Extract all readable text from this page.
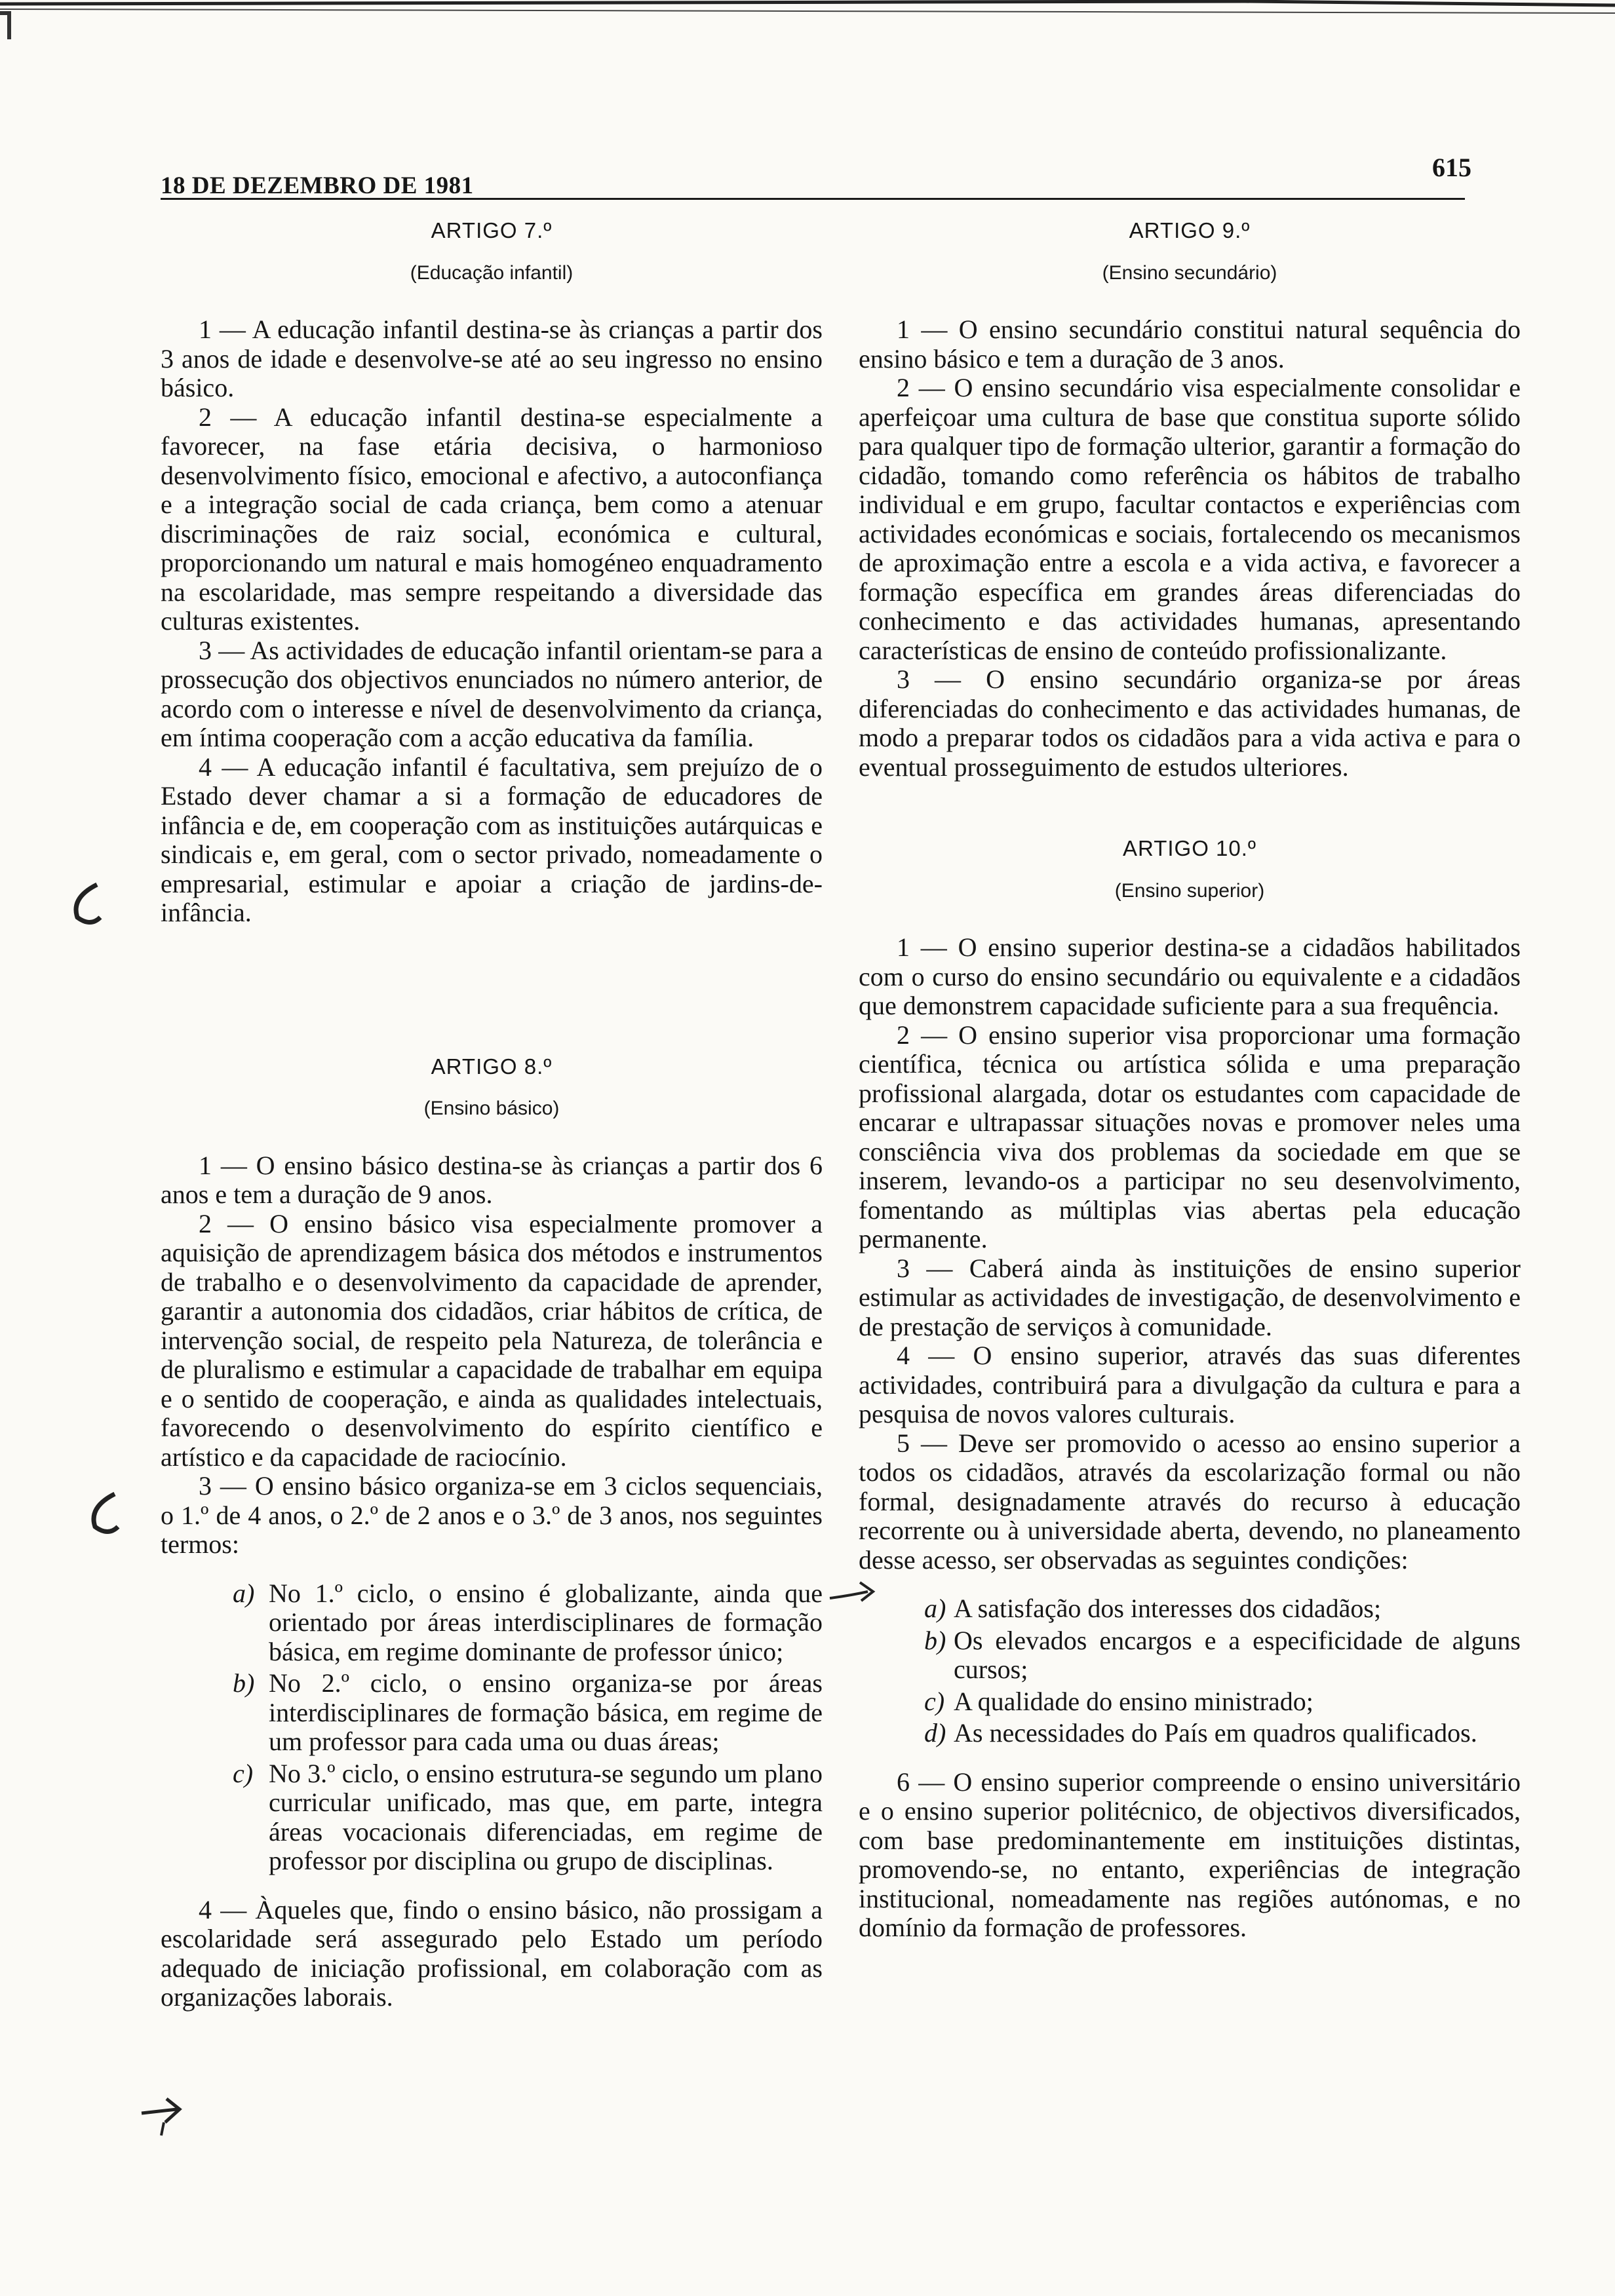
18 DE DEZEMBRO DE 1981
615
ARTIGO 7.º
(Educação infantil)

1 — A educação infantil destina-se às crianças a partir dos 3 anos de idade e desenvolve-se até ao seu ingresso no ensino básico.

2 — A educação infantil destina-se especialmente a favorecer, na fase etária decisiva, o harmonioso desenvolvimento físico, emocional e afectivo, a autoconfiança e a integração social de cada criança, bem como a atenuar discriminações de raiz social, económica e cultural, proporcionando um natural e mais homogéneo enquadramento na escolaridade, mas sempre respeitando a diversidade das culturas existentes.

3 — As actividades de educação infantil orientam-se para a prossecução dos objectivos enunciados no número anterior, de acordo com o interesse e nível de desenvolvimento da criança, em íntima cooperação com a acção educativa da família.

4 — A educação infantil é facultativa, sem prejuízo de o Estado dever chamar a si a formação de educadores de infância e de, em cooperação com as instituições autárquicas e sindicais e, em geral, com o sector privado, nomeadamente o empresarial, estimular e apoiar a criação de jardins-de-infância.

ARTIGO 8.º
(Ensino básico)

1 — O ensino básico destina-se às crianças a partir dos 6 anos e tem a duração de 9 anos.

2 — O ensino básico visa especialmente promover a aquisição de aprendizagem básica dos métodos e instrumentos de trabalho e o desenvolvimento da capacidade de aprender, garantir a autonomia dos cidadãos, criar hábitos de crítica, de intervenção social, de respeito pela Natureza, de tolerância e de pluralismo e estimular a capacidade de trabalhar em equipa e o sentido de cooperação, e ainda as qualidades intelectuais, favorecendo o desenvolvimento do espírito científico e artístico e da capacidade de raciocínio.

3 — O ensino básico organiza-se em 3 ciclos sequenciais, o 1.º de 4 anos, o 2.º de 2 anos e o 3.º de 3 anos, nos seguintes termos:

a) No 1.º ciclo, o ensino é globalizante, ainda que orientado por áreas interdisciplinares de formação básica, em regime dominante de professor único;
b) No 2.º ciclo, o ensino organiza-se por áreas interdisciplinares de formação básica, em regime de um professor para cada uma ou duas áreas;
c) No 3.º ciclo, o ensino estrutura-se segundo um plano curricular unificado, mas que, em parte, integra áreas vocacionais diferenciadas, em regime de professor por disciplina ou grupo de disciplinas.

4 — Àqueles que, findo o ensino básico, não prossigam a escolaridade será assegurado pelo Estado um período adequado de iniciação profissional, em colaboração com as organizações laborais.

ARTIGO 9.º
(Ensino secundário)

1 — O ensino secundário constitui natural sequência do ensino básico e tem a duração de 3 anos.

2 — O ensino secundário visa especialmente consolidar e aperfeiçoar uma cultura de base que constitua suporte sólido para qualquer tipo de formação ulterior, garantir a formação do cidadão, tomando como referência os hábitos de trabalho individual e em grupo, facultar contactos e experiências com actividades económicas e sociais, fortalecendo os mecanismos de aproximação entre a escola e a vida activa, e favorecer a formação específica em grandes áreas diferenciadas do conhecimento e das actividades humanas, apresentando características de ensino de conteúdo profissionalizante.

3 — O ensino secundário organiza-se por áreas diferenciadas do conhecimento e das actividades humanas, de modo a preparar todos os cidadãos para a vida activa e para o eventual prosseguimento de estudos ulteriores.

ARTIGO 10.º
(Ensino superior)

1 — O ensino superior destina-se a cidadãos habilitados com o curso do ensino secundário ou equivalente e a cidadãos que demonstrem capacidade suficiente para a sua frequência.

2 — O ensino superior visa proporcionar uma formação científica, técnica ou artística sólida e uma preparação profissional alargada, dotar os estudantes com capacidade de encarar e ultrapassar situações novas e promover neles uma consciência viva dos problemas da sociedade em que se inserem, levando-os a participar no seu desenvolvimento, fomentando as múltiplas vias abertas pela educação permanente.

3 — Caberá ainda às instituições de ensino superior estimular as actividades de investigação, de desenvolvimento e de prestação de serviços à comunidade.

4 — O ensino superior, através das suas diferentes actividades, contribuirá para a divulgação da cultura e para a pesquisa de novos valores culturais.

5 — Deve ser promovido o acesso ao ensino superior a todos os cidadãos, através da escolarização formal ou não formal, designadamente através do recurso à educação recorrente ou à universidade aberta, devendo, no planeamento desse acesso, ser observadas as seguintes condições:

a) A satisfação dos interesses dos cidadãos;
b) Os elevados encargos e a especificidade de alguns cursos;
c) A qualidade do ensino ministrado;
d) As necessidades do País em quadros qualificados.

6 — O ensino superior compreende o ensino universitário e o ensino superior politécnico, de objectivos diversificados, com base predominantemente em instituições distintas, promovendo-se, no entanto, experiências de integração institucional, nomeadamente nas regiões autónomas, e no domínio da formação de professores.
